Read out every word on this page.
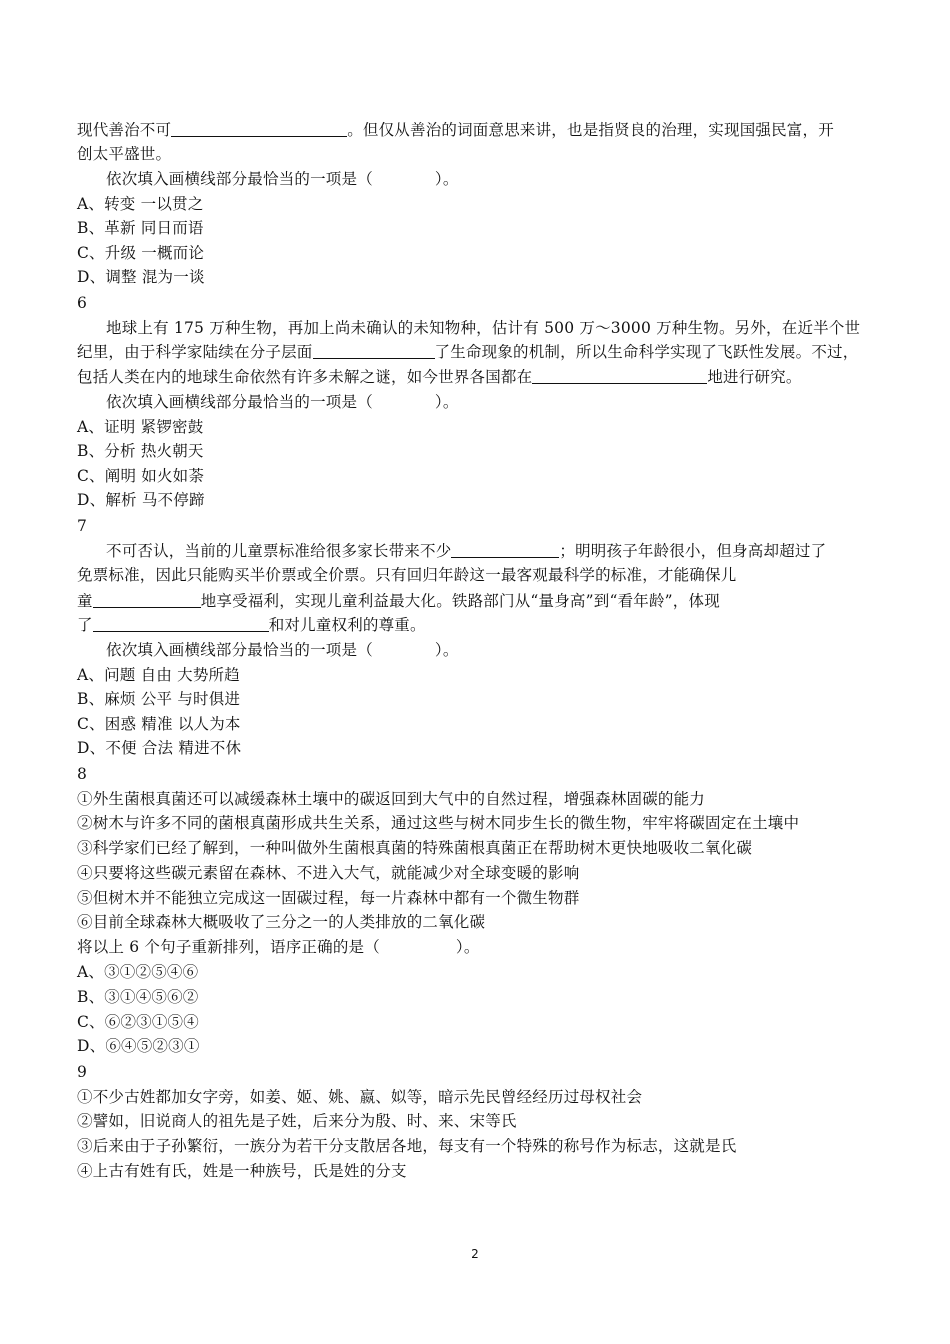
现代善治不可	。但仅从善治的词面意思来讲，也是指贤良的治理，实现国强民富，开
创太平盛世。
依次填入画横线部分最恰当的一项是（	）。
A、转变 一以贯之
B、革新 同日而语
C、升级 一概而论
D、调整 混为一谈
6
地球上有 175 万种生物，再加上尚未确认的未知物种，估计有 500 万～3000 万种生物。另外，在近半个世
纪里，由于科学家陆续在分子层面	了生命现象的机制，所以生命科学实现了飞跃性发展。不过，
包括人类在内的地球生命依然有许多未解之谜，如今世界各国都在	地进行研究。
依次填入画横线部分最恰当的一项是（	）。
A、证明 紧锣密鼓
B、分析 热火朝天
C、阐明 如火如荼
D、解析 马不停蹄
7
不可否认，当前的儿童票标准给很多家长带来不少	；明明孩子年龄很小，但身高却超过了
免票标准，因此只能购买半价票或全价票。只有回归年龄这一最客观最科学的标准，才能确保儿
童	地享受福利，实现儿童利益最大化。铁路部门从“量身高”到“看年龄”，体现
了	和对儿童权利的尊重。
依次填入画横线部分最恰当的一项是（	）。
A、问题 自由 大势所趋
B、麻烦 公平 与时俱进
C、困惑 精准 以人为本
D、不便 合法 精进不休
8
①外生菌根真菌还可以减缓森林土壤中的碳返回到大气中的自然过程，增强森林固碳的能力
②树木与许多不同的菌根真菌形成共生关系，通过这些与树木同步生长的微生物，牢牢将碳固定在土壤中
③科学家们已经了解到，一种叫做外生菌根真菌的特殊菌根真菌正在帮助树木更快地吸收二氧化碳
④只要将这些碳元素留在森林、不进入大气，就能减少对全球变暖的影响
⑤但树木并不能独立完成这一固碳过程，每一片森林中都有一个微生物群
⑥目前全球森林大概吸收了三分之一的人类排放的二氧化碳
将以上 6 个句子重新排列，语序正确的是（	）。
A、③①②⑤④⑥
B、③①④⑤⑥②
C、⑥②③①⑤④
D、⑥④⑤②③①
9
①不少古姓都加女字旁，如姜、姬、姚、嬴、姒等，暗示先民曾经经历过母权社会
②譬如，旧说商人的祖先是子姓，后来分为殷、时、来、宋等氏
③后来由于子孙繁衍，一族分为若干分支散居各地，每支有一个特殊的称号作为标志，这就是氏
④上古有姓有氏，姓是一种族号，氏是姓的分支
2
